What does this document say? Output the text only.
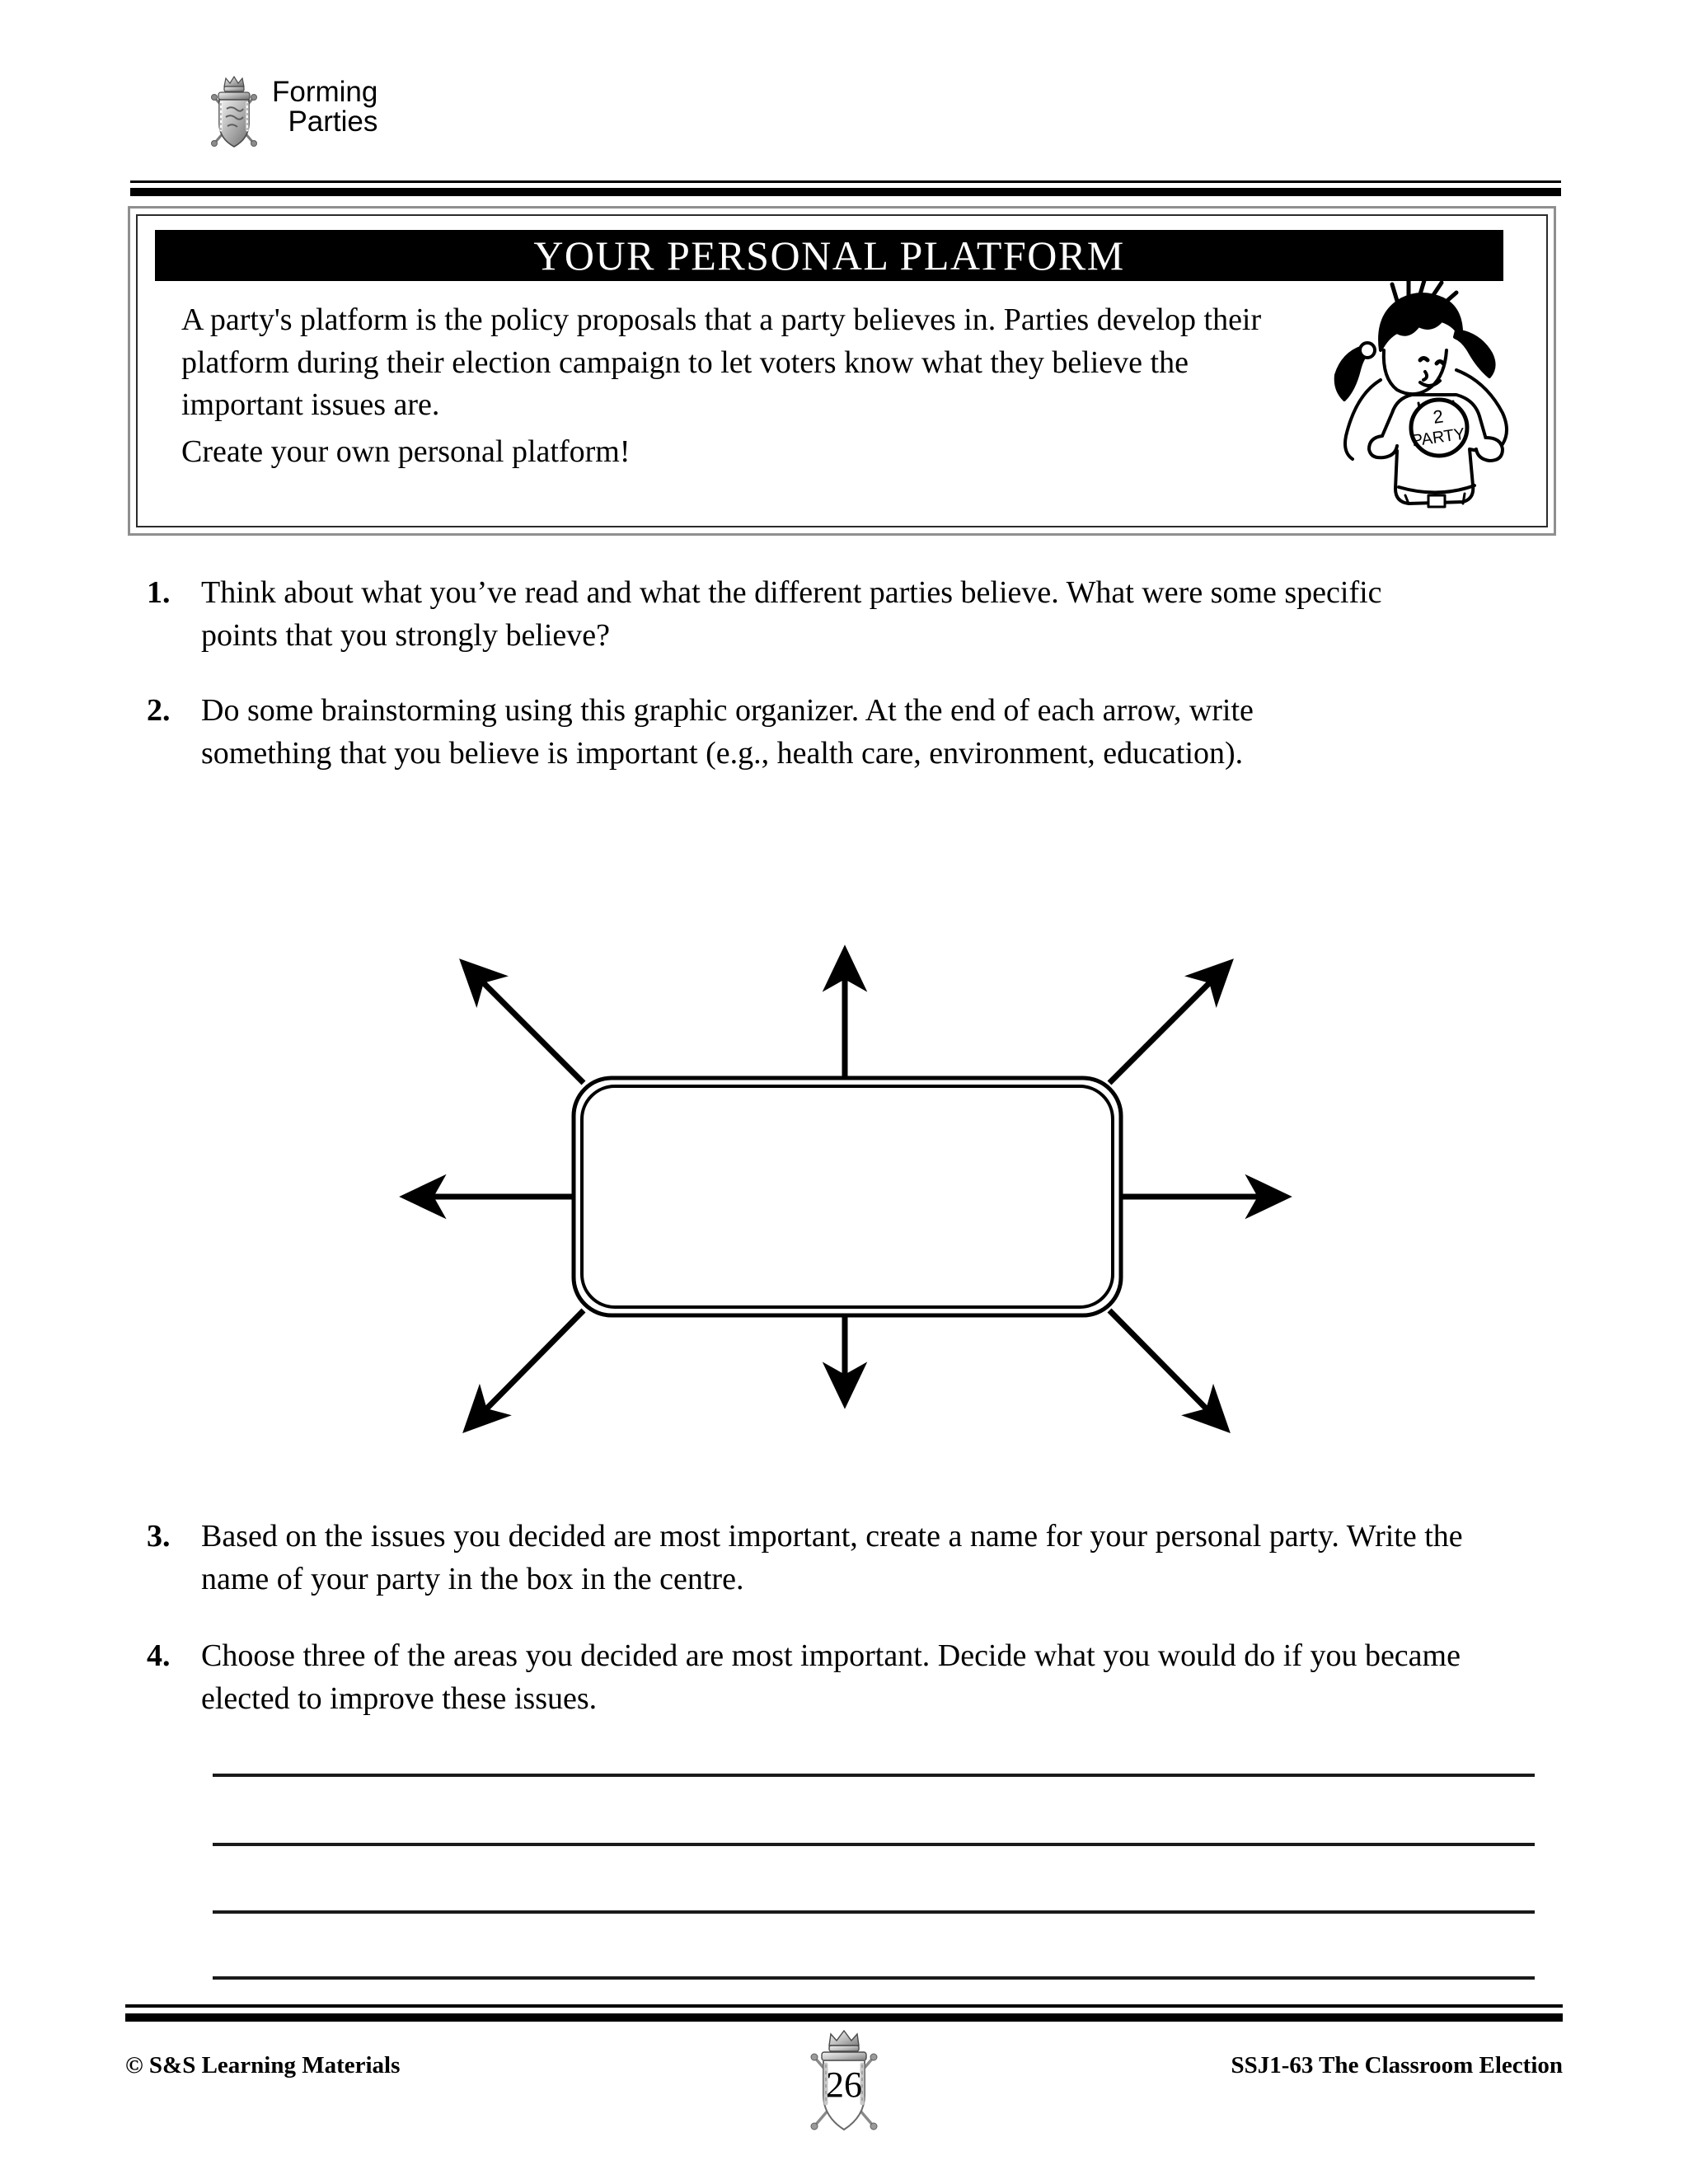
Forming
Parties
YOUR PERSONAL PLATFORM
A party's platform is the policy proposals that a party believes in. Parties develop their platform during their election campaign to let voters know what they believe the important issues are.
Create your own personal platform!
2
PARTY
1. Think about what you’ve read and what the different parties believe. What were some specific points that you strongly believe?
2. Do some brainstorming using this graphic organizer. At the end of each arrow, write something that you believe is important (e.g., health care, environment, education).
3. Based on the issues you decided are most important, create a name for your personal party. Write the name of your party in the box in the centre.
4. Choose three of the areas you decided are most important. Decide what you would do if you became elected to improve these issues.
© S&S Learning Materials	26	SSJ1-63 The Classroom Election
